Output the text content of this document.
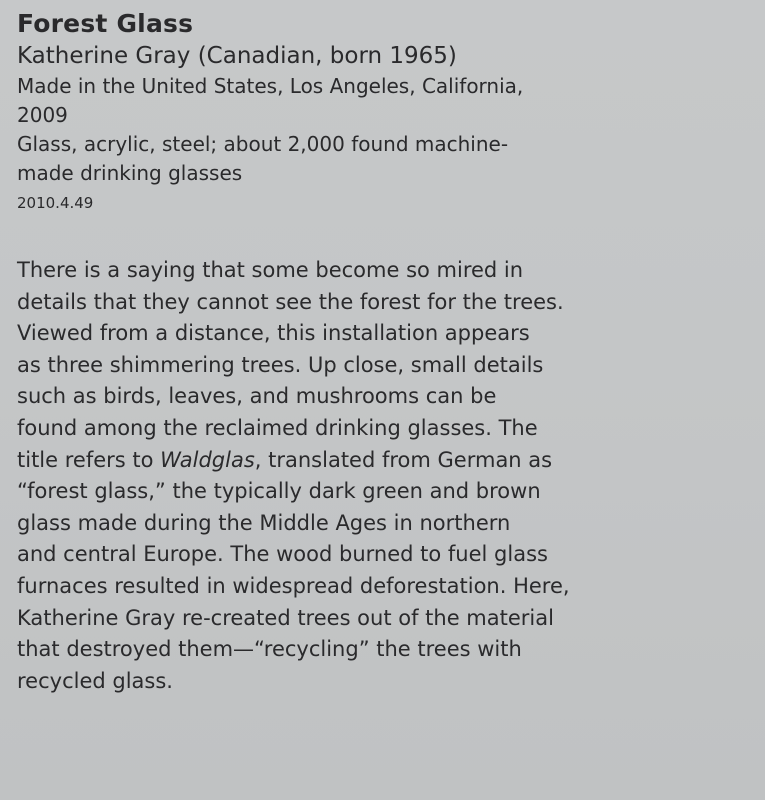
Forest Glass

Katherine Gray (Canadian, born 1965)

Made in the United States, Los Angeles, California,
2009

Glass, acrylic, steel; about 2,000 found machine-
made drinking glasses

2010.4.49

There is a saying that some become so mired in
details that they cannot see the forest for the trees.
Viewed from a distance, this installation appears
as three shimmering trees. Up close, small details
such as birds, leaves, and mushrooms can be
found among the reclaimed drinking glasses. The
title refers to Waldglas, translated from German as
“forest glass,” the typically dark green and brown
glass made during the Middle Ages in northern
and central Europe. The wood burned to fuel glass
furnaces resulted in widespread deforestation. Here,
Katherine Gray re-created trees out of the material
that destroyed them—“recycling” the trees with
recycled glass.
